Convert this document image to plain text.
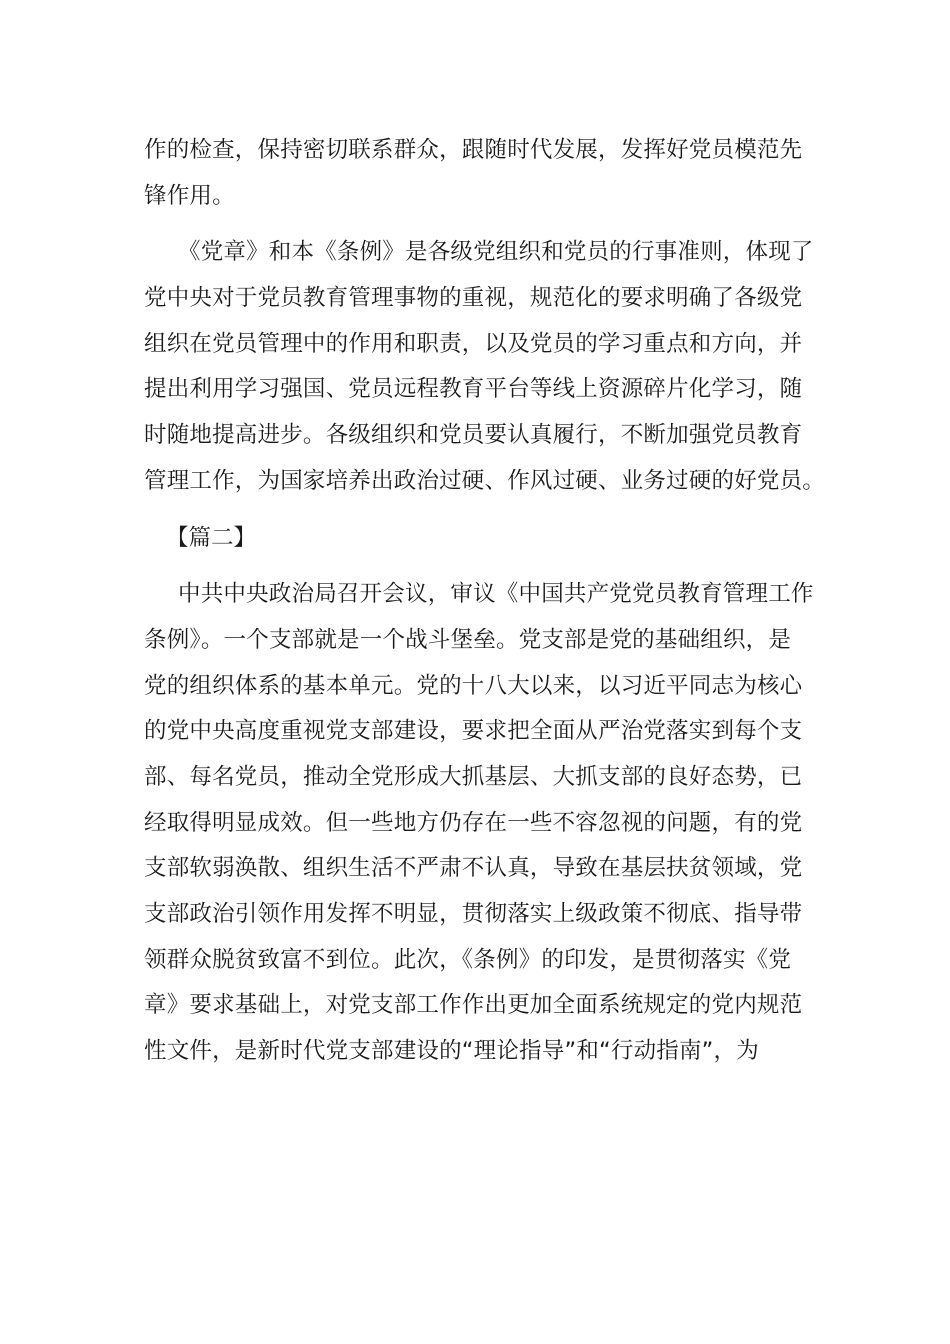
作的检查，保持密切联系群众，跟随时代发展，发挥好党员模范先
锋作用。
《党章》和本《条例》是各级党组织和党员的行事准则，体现了
党中央对于党员教育管理事物的重视，规范化的要求明确了各级党
组织在党员管理中的作用和职责，以及党员的学习重点和方向，并
提出利用学习强国、党员远程教育平台等线上资源碎片化学习，随
时随地提高进步。各级组织和党员要认真履行，不断加强党员教育
管理工作，为国家培养出政治过硬、作风过硬、业务过硬的好党员。
【篇二】
中共中央政治局召开会议，审议《中国共产党党员教育管理工作
条例》。一个支部就是一个战斗堡垒。党支部是党的基础组织，是
党的组织体系的基本单元。党的十八大以来，以习近平同志为核心
的党中央高度重视党支部建设，要求把全面从严治党落实到每个支
部、每名党员，推动全党形成大抓基层、大抓支部的良好态势，已
经取得明显成效。但一些地方仍存在一些不容忽视的问题，有的党
支部软弱涣散、组织生活不严肃不认真，导致在基层扶贫领域，党
支部政治引领作用发挥不明显，贯彻落实上级政策不彻底、指导带
领群众脱贫致富不到位。此次，《条例》的印发，是贯彻落实《党
章》要求基础上，对党支部工作作出更加全面系统规定的党内规范
性文件，是新时代党支部建设的“理论指导”和“行动指南”，为
